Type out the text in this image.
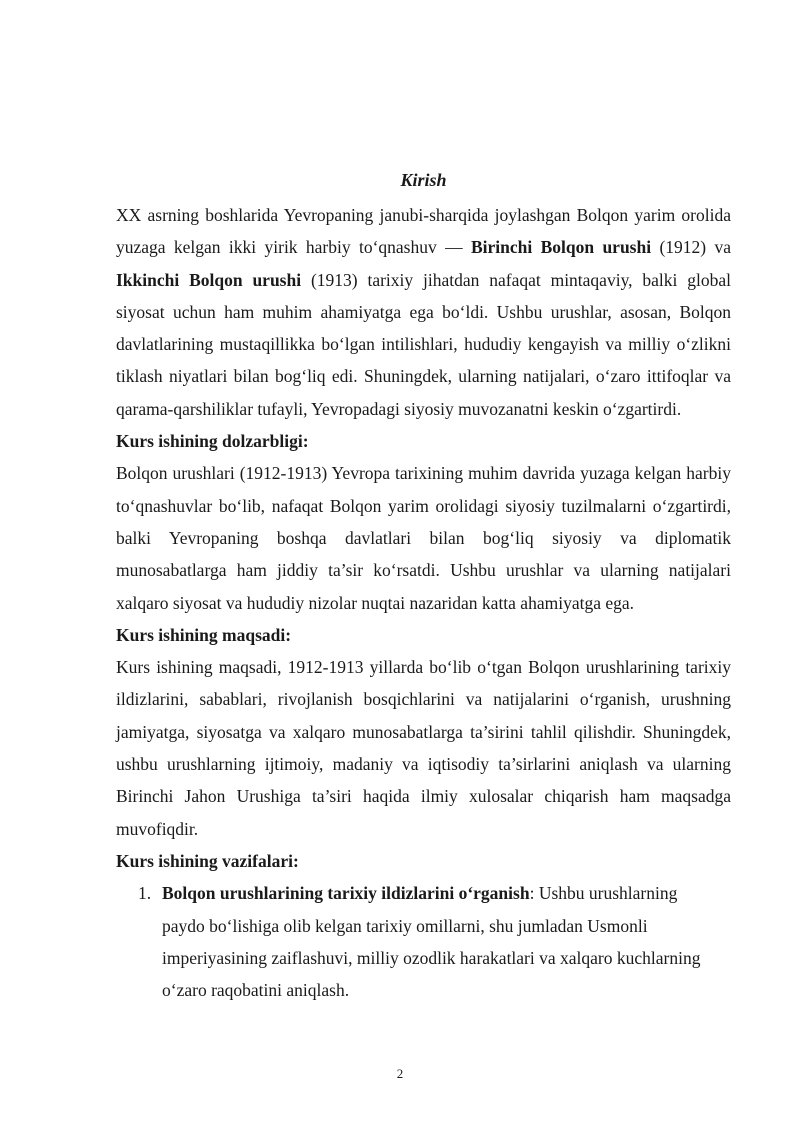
Kirish

XX asrning boshlarida Yevropaning janubi-sharqida joylashgan Bolqon yarim orolida yuzaga kelgan ikki yirik harbiy to‘qnashuv — Birinchi Bolqon urushi (1912) va Ikkinchi Bolqon urushi (1913) tarixiy jihatdan nafaqat mintaqaviy, balki global siyosat uchun ham muhim ahamiyatga ega bo‘ldi. Ushbu urushlar, asosan, Bolqon davlatlarining mustaqillikka bo‘lgan intilishlari, hududiy kengayish va milliy o‘zlikni tiklash niyatlari bilan bog‘liq edi. Shuningdek, ularning natijalari, o‘zaro ittifoqlar va qarama-qarshiliklar tufayli, Yevropadagi siyosiy muvozanatni keskin o‘zgartirdi.

Kurs ishining dolzarbligi:

Bolqon urushlari (1912-1913) Yevropa tarixining muhim davrida yuzaga kelgan harbiy to‘qnashuvlar bo‘lib, nafaqat Bolqon yarim orolidagi siyosiy tuzilmalarni o‘zgartirdi, balki Yevropaning boshqa davlatlari bilan bog‘liq siyosiy va diplomatik munosabatlarga ham jiddiy ta’sir ko‘rsatdi. Ushbu urushlar va ularning natijalari xalqaro siyosat va hududiy nizolar nuqtai nazaridan katta ahamiyatga ega.

Kurs ishining maqsadi:

Kurs ishining maqsadi, 1912-1913 yillarda bo‘lib o‘tgan Bolqon urushlarining tarixiy ildizlarini, sabablari, rivojlanish bosqichlarini va natijalarini o‘rganish, urushning jamiyatga, siyosatga va xalqaro munosabatlarga ta’sirini tahlil qilishdir. Shuningdek, ushbu urushlarning ijtimoiy, madaniy va iqtisodiy ta’sirlarini aniqlash va ularning Birinchi Jahon Urushiga ta’siri haqida ilmiy xulosalar chiqarish ham maqsadga muvofiqdir.

Kurs ishining vazifalari:
1. Bolqon urushlarining tarixiy ildizlarini o‘rganish: Ushbu urushlarning paydo bo‘lishiga olib kelgan tarixiy omillarni, shu jumladan Usmonli imperiyasining zaiflashuvi, milliy ozodlik harakatlari va xalqaro kuchlarning o‘zaro raqobatini aniqlash.
2
